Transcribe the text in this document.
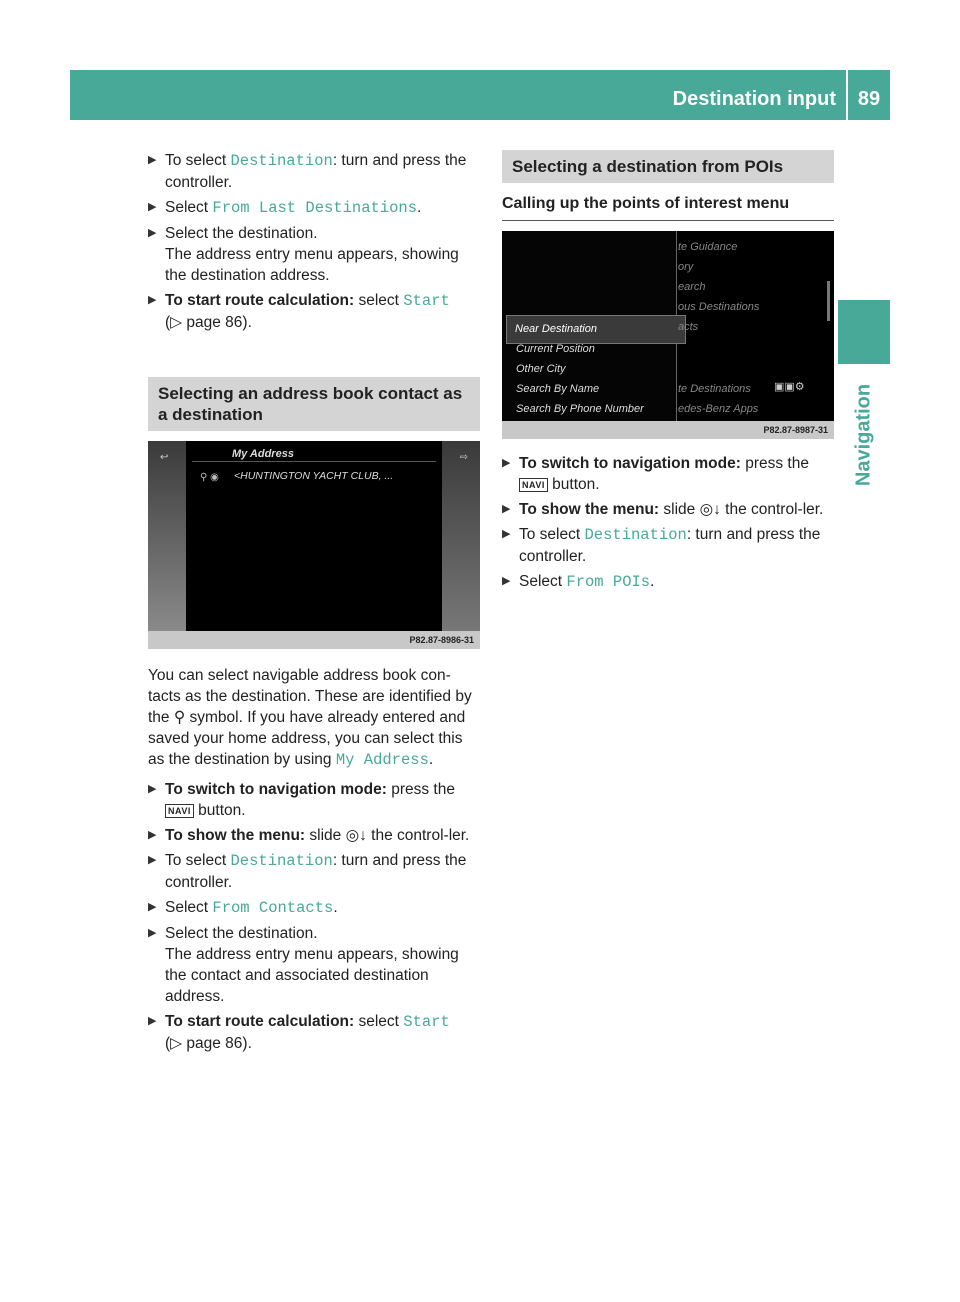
Destination input	89
Navigation
▶ To select Destination: turn and press the controller.
▶ Select From Last Destinations.
▶ Select the destination.
The address entry menu appears, showing the destination address.
▶ To start route calculation: select Start
(▷ page 86).
Selecting an address book contact as a destination
↩	⇨
My Address
⚲ ◉ <HUNTINGTON YACHT CLUB, ...
P82.87-8986-31
You can select navigable address book con-tacts as the destination. These are identified by the ⚲ symbol. If you have already entered and saved your home address, you can select this as the destination by using My Address.
▶ To switch to navigation mode: press the
NAVI button.
▶ To show the menu: slide ◎↓ the control-ler.
▶ To select Destination: turn and press the controller.
▶ Select From Contacts.
▶ Select the destination.
The address entry menu appears, showing the contact and associated destination address.
▶ To start route calculation: select Start
(▷ page 86).
Selecting a destination from POIs
Calling up the points of interest menu
Near Destination
Current Position
Other City
Search By Name
Search By Phone Number
te Guidance
ory
earch
ous Destinations
acts
te Destinations ▣▣⚙
edes-Benz Apps
P82.87-8987-31
▶ To switch to navigation mode: press the
NAVI button.
▶ To show the menu: slide ◎↓ the control-ler.
▶ To select Destination: turn and press the controller.
▶ Select From POIs.
